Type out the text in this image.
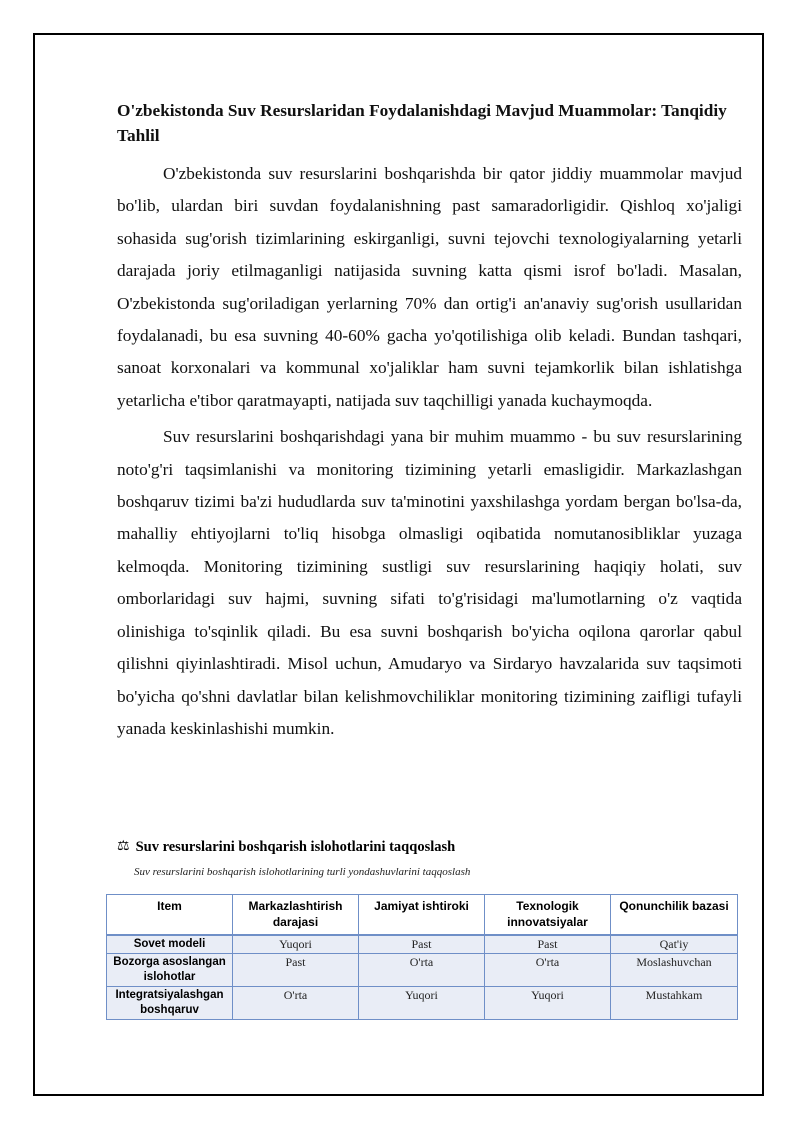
O'zbekistonda Suv Resurslaridan Foydalanishdagi Mavjud Muammolar: Tanqidiy Tahlil

O'zbekistonda suv resurslarini boshqarishda bir qator jiddiy muammolar mavjud bo'lib, ulardan biri suvdan foydalanishning past samaradorligidir. Qishloq xo'jaligi sohasida sug'orish tizimlarining eskirganligi, suvni tejovchi texnologiyalarning yetarli darajada joriy etilmaganligi natijasida suvning katta qismi isrof bo'ladi. Masalan, O'zbekistonda sug'oriladigan yerlarning 70% dan ortig'i an'anaviy sug'orish usullaridan foydalanadi, bu esa suvning 40-60% gacha yo'qotilishiga olib keladi. Bundan tashqari, sanoat korxonalari va kommunal xo'jaliklar ham suvni tejamkorlik bilan ishlatishga yetarlicha e'tibor qaratmayapti, natijada suv taqchilligi yanada kuchaymoqda.

Suv resurslarini boshqarishdagi yana bir muhim muammo - bu suv resurslarining noto'g'ri taqsimlanishi va monitoring tizimining yetarli emasligidir. Markazlashgan boshqaruv tizimi ba'zi hududlarda suv ta'minotini yaxshilashga yordam bergan bo'lsa-da, mahalliy ehtiyojlarni to'liq hisobga olmasligi oqibatida nomutanosibliklar yuzaga kelmoqda. Monitoring tizimining sustligi suv resurslarining haqiqiy holati, suv omborlaridagi suv hajmi, suvning sifati to'g'risidagi ma'lumotlarning o'z vaqtida olinishiga to'sqinlik qiladi. Bu esa suvni boshqarish bo'yicha oqilona qarorlar qabul qilishni qiyinlashtiradi. Misol uchun, Amudaryo va Sirdaryo havzalarida suv taqsimoti bo'yicha qo'shni davlatlar bilan kelishmovchiliklar monitoring tizimining zaifligi tufayli yanada keskinlashishi mumkin.

⚖ Suv resurslarini boshqarish islohotlarini taqqoslash
Suv resurslarini boshqarish islohotlarining turli yondashuvlarini taqqoslash
Item	Markazlashtirish darajasi	Jamiyat ishtiroki	Texnologik innovatsiyalar	Qonunchilik bazasi
Sovet modeli	Yuqori	Past	Past	Qat'iy
Bozorga asoslangan islohotlar	Past	O'rta	O'rta	Moslashuvchan
Integratsiyalashgan boshqaruv	O'rta	Yuqori	Yuqori	Mustahkam
